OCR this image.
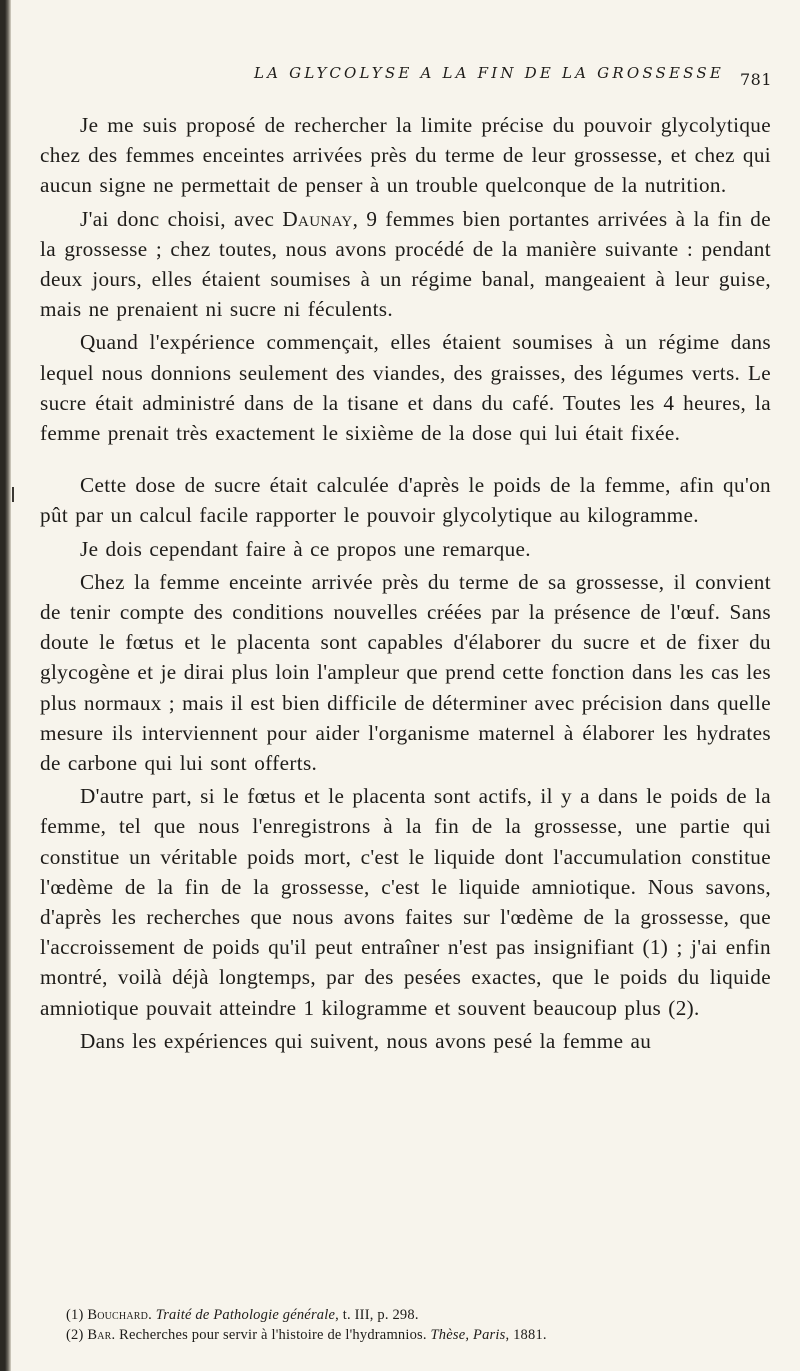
LA GLYCOLYSE A LA FIN DE LA GROSSESSE 781

Je me suis proposé de rechercher la limite précise du pouvoir glycolytique chez des femmes enceintes arrivées près du terme de leur grossesse, et chez qui aucun signe ne permettait de penser à un trouble quelconque de la nutrition.

J'ai donc choisi, avec Daunay, 9 femmes bien portantes arrivées à la fin de la grossesse ; chez toutes, nous avons procédé de la manière suivante : pendant deux jours, elles étaient soumises à un régime banal, mangeaient à leur guise, mais ne prenaient ni sucre ni féculents.

Quand l'expérience commençait, elles étaient soumises à un régime dans lequel nous donnions seulement des viandes, des graisses, des légumes verts. Le sucre était administré dans de la tisane et dans du café. Toutes les 4 heures, la femme prenait très exactement le sixième de la dose qui lui était fixée.

Cette dose de sucre était calculée d'après le poids de la femme, afin qu'on pût par un calcul facile rapporter le pouvoir glycolytique au kilogramme.

Je dois cependant faire à ce propos une remarque.

Chez la femme enceinte arrivée près du terme de sa grossesse, il convient de tenir compte des conditions nouvelles créées par la présence de l'œuf. Sans doute le fœtus et le placenta sont capables d'élaborer du sucre et de fixer du glycogène et je dirai plus loin l'ampleur que prend cette fonction dans les cas les plus normaux ; mais il est bien difficile de déterminer avec précision dans quelle mesure ils interviennent pour aider l'organisme maternel à élaborer les hydrates de carbone qui lui sont offerts.

D'autre part, si le fœtus et le placenta sont actifs, il y a dans le poids de la femme, tel que nous l'enregistrons à la fin de la grossesse, une partie qui constitue un véritable poids mort, c'est le liquide dont l'accumulation constitue l'œdème de la fin de la grossesse, c'est le liquide amniotique. Nous savons, d'après les recherches que nous avons faites sur l'œdème de la grossesse, que l'accroissement de poids qu'il peut entraîner n'est pas insignifiant (1) ; j'ai enfin montré, voilà déjà longtemps, par des pesées exactes, que le poids du liquide amniotique pouvait atteindre 1 kilogramme et souvent beaucoup plus (2).

Dans les expériences qui suivent, nous avons pesé la femme au

(1) Bouchard. Traité de Pathologie générale, t. III, p. 298.
(2) Bar. Recherches pour servir à l'histoire de l'hydramnios. Thèse, Paris, 1881.
